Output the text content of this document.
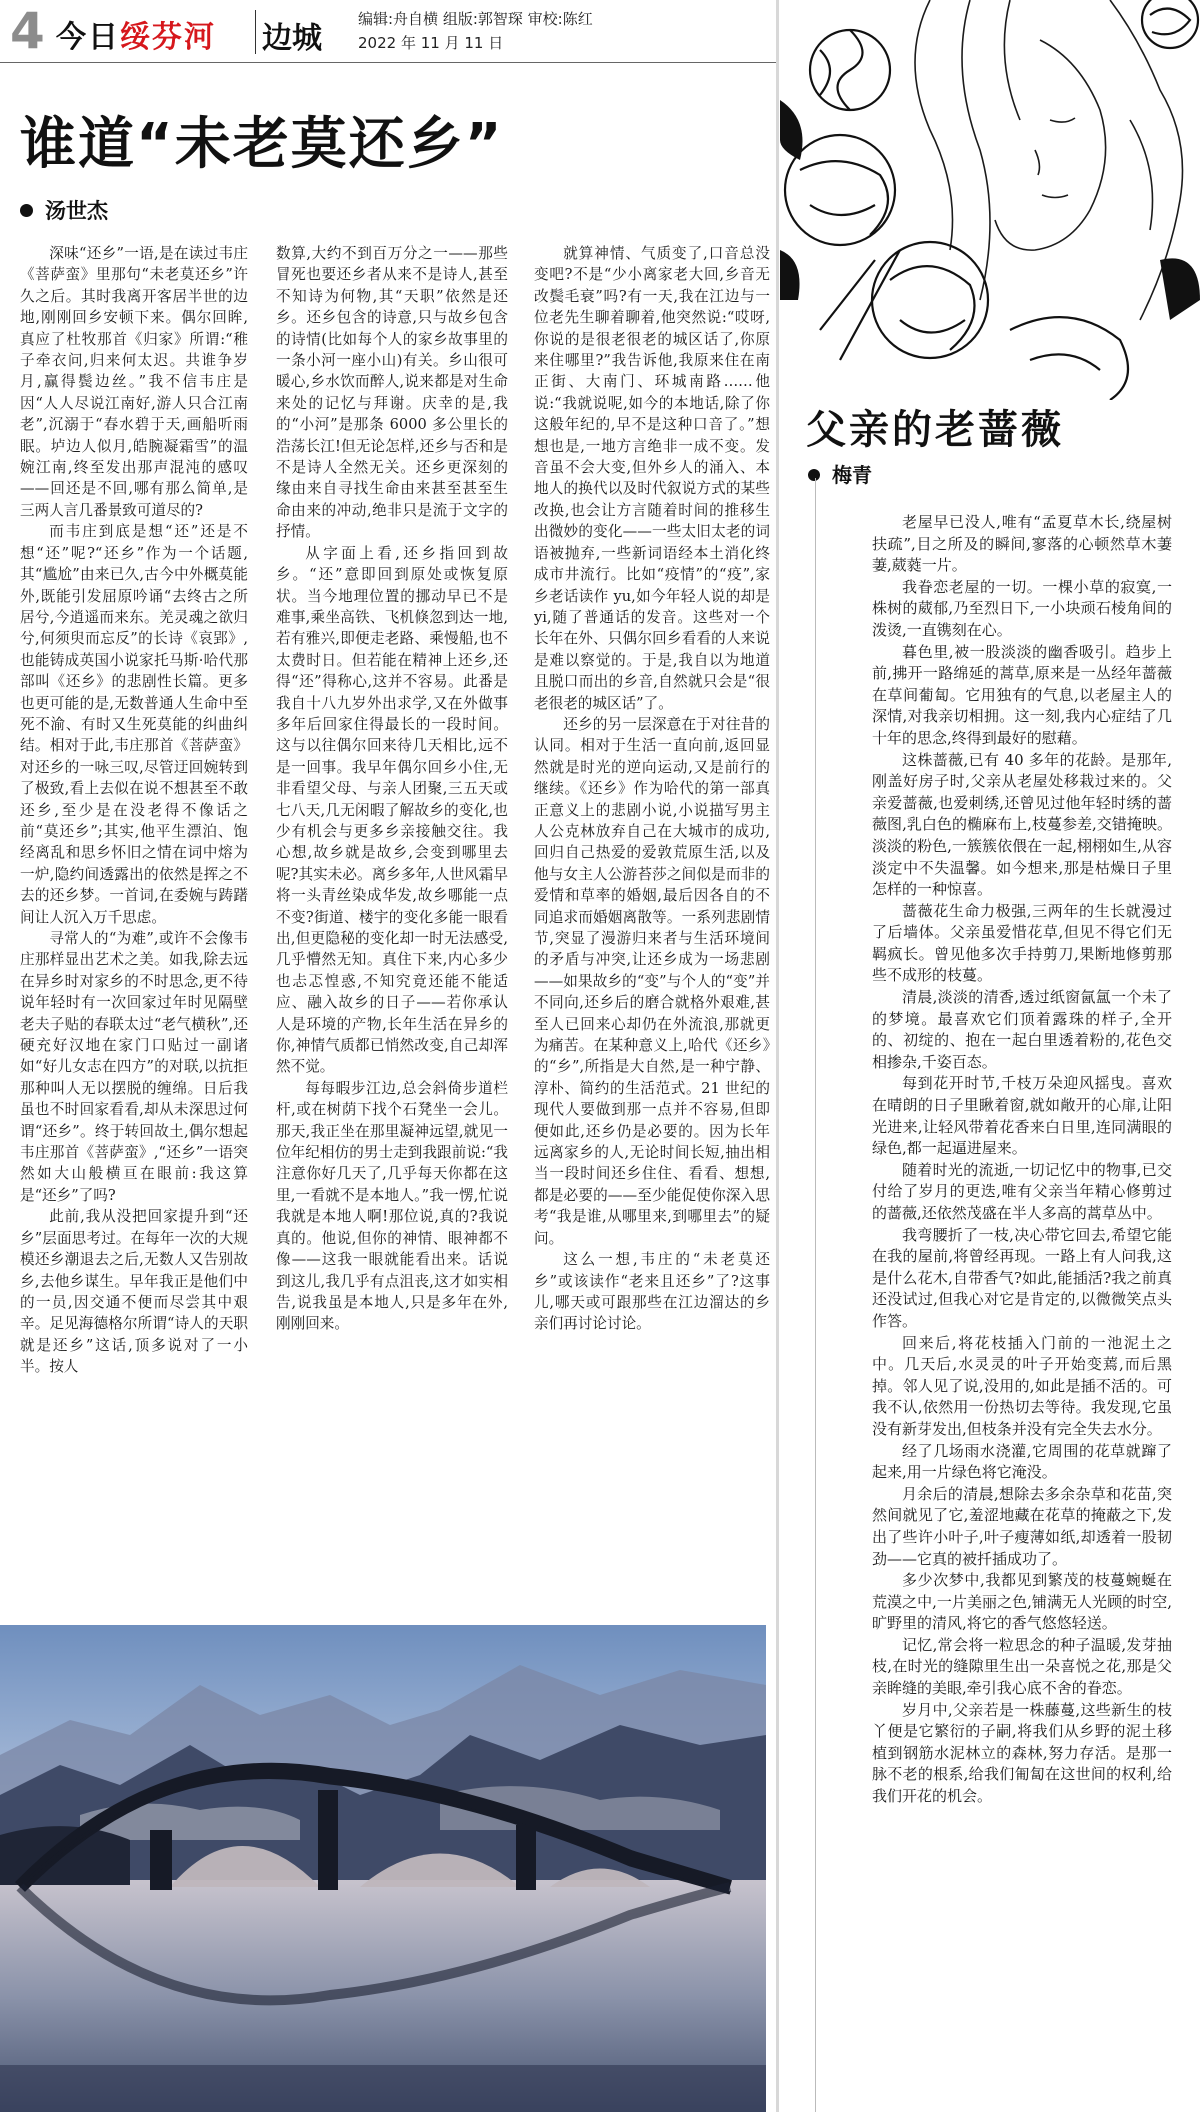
4 今日绥芬河 边城
编辑:舟自横 组版:郭智琛 审校:陈红
2022 年 11 月 11 日
谁道“未老莫还乡”
汤世杰

深味“还乡”一语,是在读过韦庄《菩萨蛮》里那句“未老莫还乡”许久之后。其时我离开客居半世的边地,刚刚回乡安顿下来。偶尔回眸,真应了杜牧那首《归家》所谓:“稚子牵衣问,归来何太迟。共谁争岁月,赢得鬓边丝。”我不信韦庄是因“人人尽说江南好,游人只合江南老”,沉溺于“春水碧于天,画船听雨眠。垆边人似月,皓腕凝霜雪”的温婉江南,终至发出那声混沌的感叹——回还是不回,哪有那么简单,是三两人言几番景致可道尽的?

而韦庄到底是想“还”还是不想“还”呢?“还乡”作为一个话题,其“尴尬”由来已久,古今中外概莫能外,既能引发屈原吟诵“去终古之所居兮,今逍遥而来东。羌灵魂之欲归兮,何须臾而忘反”的长诗《哀郢》,也能铸成英国小说家托马斯·哈代那部叫《还乡》的悲剧性长篇。更多也更可能的是,无数普通人生命中至死不渝、有时又生死莫能的纠曲纠结。相对于此,韦庄那首《菩萨蛮》对还乡的一咏三叹,尽管迂回婉转到了极致,看上去似在说不想甚至不敢还乡,至少是在没老得不像话之前“莫还乡”;其实,他平生漂泊、饱经离乱和思乡怀旧之情在词中熔为一炉,隐约间透露出的依然是挥之不去的还乡梦。一首词,在委婉与踌躇间让人沉入万千思虑。

寻常人的“为难”,或许不会像韦庄那样显出艺术之美。如我,除去远在异乡时对家乡的不时思念,更不待说年轻时有一次回家过年时见隔壁老夫子贴的春联太过“老气横秋”,还硬充好汉地在家门口贴过一副诸如“好儿女志在四方”的对联,以抗拒那种叫人无以摆脱的缠绵。日后我虽也不时回家看看,却从未深思过何谓“还乡”。终于转回故土,偶尔想起韦庄那首《菩萨蛮》,“还乡”一语突然如大山般横亘在眼前:我这算是“还乡”了吗?

此前,我从没把回家提升到“还乡”层面思考过。在每年一次的大规模还乡潮退去之后,无数人又告别故乡,去他乡谋生。早年我正是他们中的一员,因交通不便而尽尝其中艰辛。足见海德格尔所谓“诗人的天职就是还乡”这话,顶多说对了一小半。按人

数算,大约不到百万分之一——那些冒死也要还乡者从来不是诗人,甚至不知诗为何物,其“天职”依然是还乡。还乡包含的诗意,只与故乡包含的诗情(比如每个人的家乡故事里的一条小河一座小山)有关。乡山很可暖心,乡水饮而醉人,说来都是对生命来处的记忆与拜谢。庆幸的是,我的“小河”是那条 6000 多公里长的浩荡长江!但无论怎样,还乡与否和是不是诗人全然无关。还乡更深刻的缘由来自寻找生命由来甚至甚至生命由来的冲动,绝非只是流于文字的抒情。

从字面上看,还乡指回到故乡。“还”意即回到原处或恢复原状。当今地理位置的挪动早已不是难事,乘坐高铁、飞机倏忽到达一地,若有雅兴,即便走老路、乘慢船,也不太费时日。但若能在精神上还乡,还得“还”得称心,这并不容易。此番是我自十八九岁外出求学,又在外做事多年后回家住得最长的一段时间。这与以往偶尔回来待几天相比,远不是一回事。我早年偶尔回乡小住,无非看望父母、与亲人团聚,三五天或七八天,几无闲暇了解故乡的变化,也少有机会与更多乡亲接触交往。我心想,故乡就是故乡,会变到哪里去呢?其实未必。离乡多年,人世风霜早将一头青丝染成华发,故乡哪能一点不变?街道、楼宇的变化多能一眼看出,但更隐秘的变化却一时无法感受,几乎懵然无知。真住下来,内心多少也忐忑惶惑,不知究竟还能不能适应、融入故乡的日子——若你承认人是环境的产物,长年生活在异乡的你,神情气质都已悄然改变,自己却浑然不觉。

每每暇步江边,总会斜倚步道栏杆,或在树荫下找个石凳坐一会儿。那天,我正坐在那里凝神远望,就见一位年纪相仿的男士走到我跟前说:“我注意你好几天了,几乎每天你都在这里,一看就不是本地人。”我一愣,忙说我就是本地人啊!那位说,真的?我说真的。他说,但你的神情、眼神都不像——这我一眼就能看出来。话说到这儿,我几乎有点沮丧,这才如实相告,说我虽是本地人,只是多年在外,刚刚回来。

就算神情、气质变了,口音总没变吧?不是“少小离家老大回,乡音无改鬓毛衰”吗?有一天,我在江边与一位老先生聊着聊着,他突然说:“哎呀,你说的是很老很老的城区话了,你原来住哪里?”我告诉他,我原来住在南正街、大南门、环城南路……他说:“我就说呢,如今的本地话,除了你这般年纪的,早不是这种口音了。”想想也是,一地方言绝非一成不变。发音虽不会大变,但外乡人的涌入、本地人的换代以及时代叙说方式的某些改换,也会让方言随着时间的推移生出微妙的变化——一些太旧太老的词语被抛弃,一些新词语经本土消化终成市井流行。比如“疫情”的“疫”,家乡老话读作 yu,如今年轻人说的却是 yi,随了普通话的发音。这些对一个长年在外、只偶尔回乡看看的人来说是难以察觉的。于是,我自以为地道且脱口而出的乡音,自然就只会是“很老很老的城区话”了。

还乡的另一层深意在于对往昔的认同。相对于生活一直向前,返回显然就是时光的逆向运动,又是前行的继续。《还乡》作为哈代的第一部真正意义上的悲剧小说,小说描写男主人公克林放弃自己在大城市的成功,回归自己热爱的爱敦荒原生活,以及他与女主人公游苔莎之间似是而非的爱情和草率的婚姻,最后因各自的不同追求而婚姻离散等。一系列悲剧情节,突显了漫游归来者与生活环境间的矛盾与冲突,让还乡成为一场悲剧——如果故乡的“变”与个人的“变”并不同向,还乡后的磨合就格外艰难,甚至人已回来心却仍在外流浪,那就更为痛苦。在某种意义上,哈代《还乡》的“乡”,所指是大自然,是一种宁静、淳朴、简约的生活范式。21 世纪的现代人要做到那一点并不容易,但即便如此,还乡仍是必要的。因为长年远离家乡的人,无论时间长短,抽出相当一段时间还乡住住、看看、想想,都是必要的——至少能促使你深入思考“我是谁,从哪里来,到哪里去”的疑问。

这么一想,韦庄的“未老莫还乡”或该读作“老来且还乡”了?这事儿,哪天或可跟那些在江边溜达的乡亲们再讨论讨论。

父亲的老蔷薇
梅青

老屋早已没人,唯有“孟夏草木长,绕屋树扶疏”,目之所及的瞬间,寥落的心顿然草木萋萋,葳蕤一片。

我眷恋老屋的一切。一棵小草的寂寞,一株树的葳郁,乃至烈日下,一小块顽石棱角间的泼烫,一直镌刻在心。

暮色里,被一股淡淡的幽香吸引。趋步上前,拂开一路绵延的蒿草,原来是一丛经年蔷薇在草间葡匐。它用独有的气息,以老屋主人的深情,对我亲切相拥。这一刻,我内心症结了几十年的思念,终得到最好的慰藉。

这株蔷薇,已有 40 多年的花龄。是那年,刚盖好房子时,父亲从老屋处移栽过来的。父亲爱蔷薇,也爱刺绣,还曾见过他年轻时绣的蔷薇图,乳白色的椭麻布上,枝蔓参差,交错掩映。淡淡的粉色,一簇簇依偎在一起,栩栩如生,从容淡定中不失温馨。如今想来,那是枯燥日子里怎样的一种惊喜。

蔷薇花生命力极强,三两年的生长就漫过了后墙体。父亲虽爱惜花草,但见不得它们无羁疯长。曾见他多次手持剪刀,果断地修剪那些不成形的枝蔓。

清晨,淡淡的清香,透过纸窗氤氲一个未了的梦境。最喜欢它们顶着露珠的样子,全开的、初绽的、抱在一起白里透着粉的,花色交相掺杂,千姿百态。

每到花开时节,千枝万朵迎风摇曳。喜欢在晴朗的日子里瞅着窗,就如敞开的心扉,让阳光进来,让轻风带着花香来白日里,连同满眼的绿色,都一起逼进屋来。

随着时光的流逝,一切记忆中的物事,已交付给了岁月的更迭,唯有父亲当年精心修剪过的蔷薇,还依然茂盛在半人多高的蒿草丛中。

我弯腰折了一枝,决心带它回去,希望它能在我的屋前,将曾经再现。一路上有人问我,这是什么花木,自带香气?如此,能插活?我之前真还没试过,但我心对它是肯定的,以微微笑点头作答。

回来后,将花枝插入门前的一池泥土之中。几天后,水灵灵的叶子开始变蔫,而后黑掉。邻人见了说,没用的,如此是插不活的。可我不认,依然用一份热切去等待。我发现,它虽没有新芽发出,但枝条并没有完全失去水分。

经了几场雨水浇灌,它周围的花草就蹿了起来,用一片绿色将它淹没。

月余后的清晨,想除去多余杂草和花苗,突然间就见了它,羞涩地藏在花草的掩蔽之下,发出了些许小叶子,叶子瘦薄如纸,却透着一股韧劲——它真的被扦插成功了。

多少次梦中,我都见到繁茂的枝蔓蜿蜒在荒漠之中,一片美丽之色,铺满无人光顾的时空,旷野里的清风,将它的香气悠悠轻送。

记忆,常会将一粒思念的种子温暖,发芽抽枝,在时光的缝隙里生出一朵喜悦之花,那是父亲眸缝的美眼,牵引我心底不舍的眷恋。

岁月中,父亲若是一株藤蔓,这些新生的枝丫便是它繁衍的子嗣,将我们从乡野的泥土移植到钢筋水泥林立的森林,努力存活。是那一脉不老的根系,给我们匍匐在这世间的权利,给我们开花的机会。
